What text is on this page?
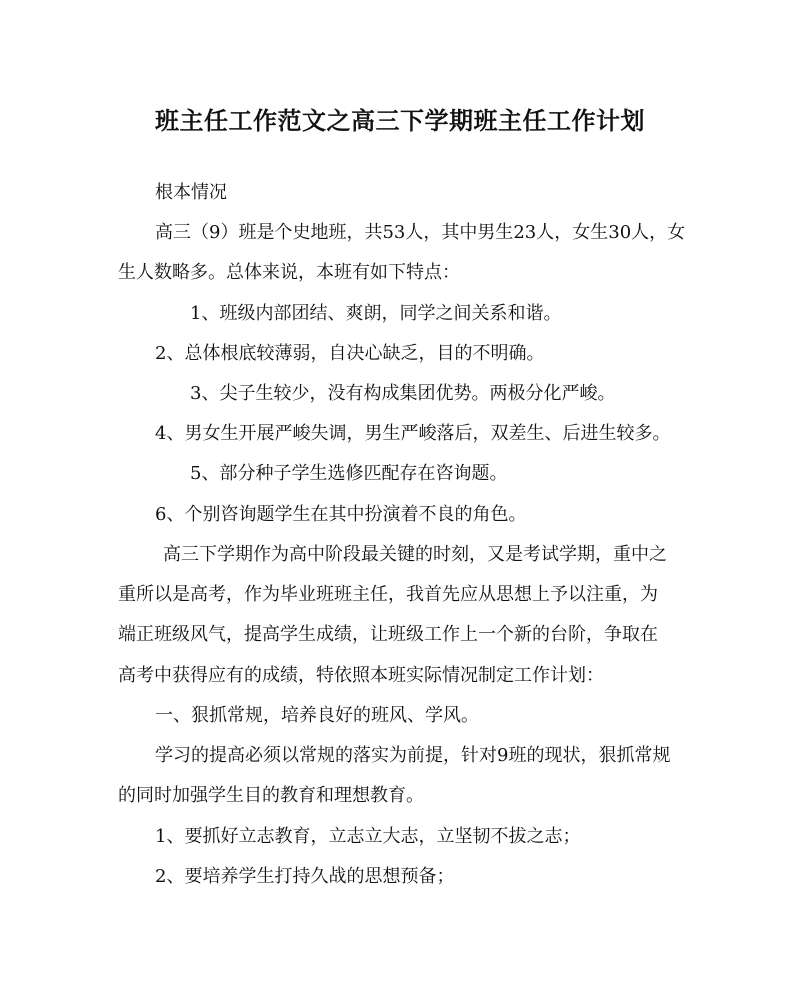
班主任工作范文之高三下学期班主任工作计划
根本情况
高三（9）班是个史地班，共53人，其中男生23人，女生30人，女
生人数略多。总体来说，本班有如下特点：
1、班级内部团结、爽朗，同学之间关系和谐。
2、总体根底较薄弱，自决心缺乏，目的不明确。
3、尖子生较少，没有构成集团优势。两极分化严峻。
4、男女生开展严峻失调，男生严峻落后，双差生、后进生较多。
5、部分种子学生选修匹配存在咨询题。
6、个别咨询题学生在其中扮演着不良的角色。
高三下学期作为高中阶段最关键的时刻，又是考试学期，重中之
重所以是高考，作为毕业班班主任，我首先应从思想上予以注重，为
端正班级风气，提高学生成绩，让班级工作上一个新的台阶，争取在
高考中获得应有的成绩，特依照本班实际情况制定工作计划：
一、狠抓常规，培养良好的班风、学风。
学习的提高必须以常规的落实为前提，针对9班的现状，狠抓常规
的同时加强学生目的教育和理想教育。
1、要抓好立志教育，立志立大志，立坚韧不拔之志；
2、要培养学生打持久战的思想预备；
